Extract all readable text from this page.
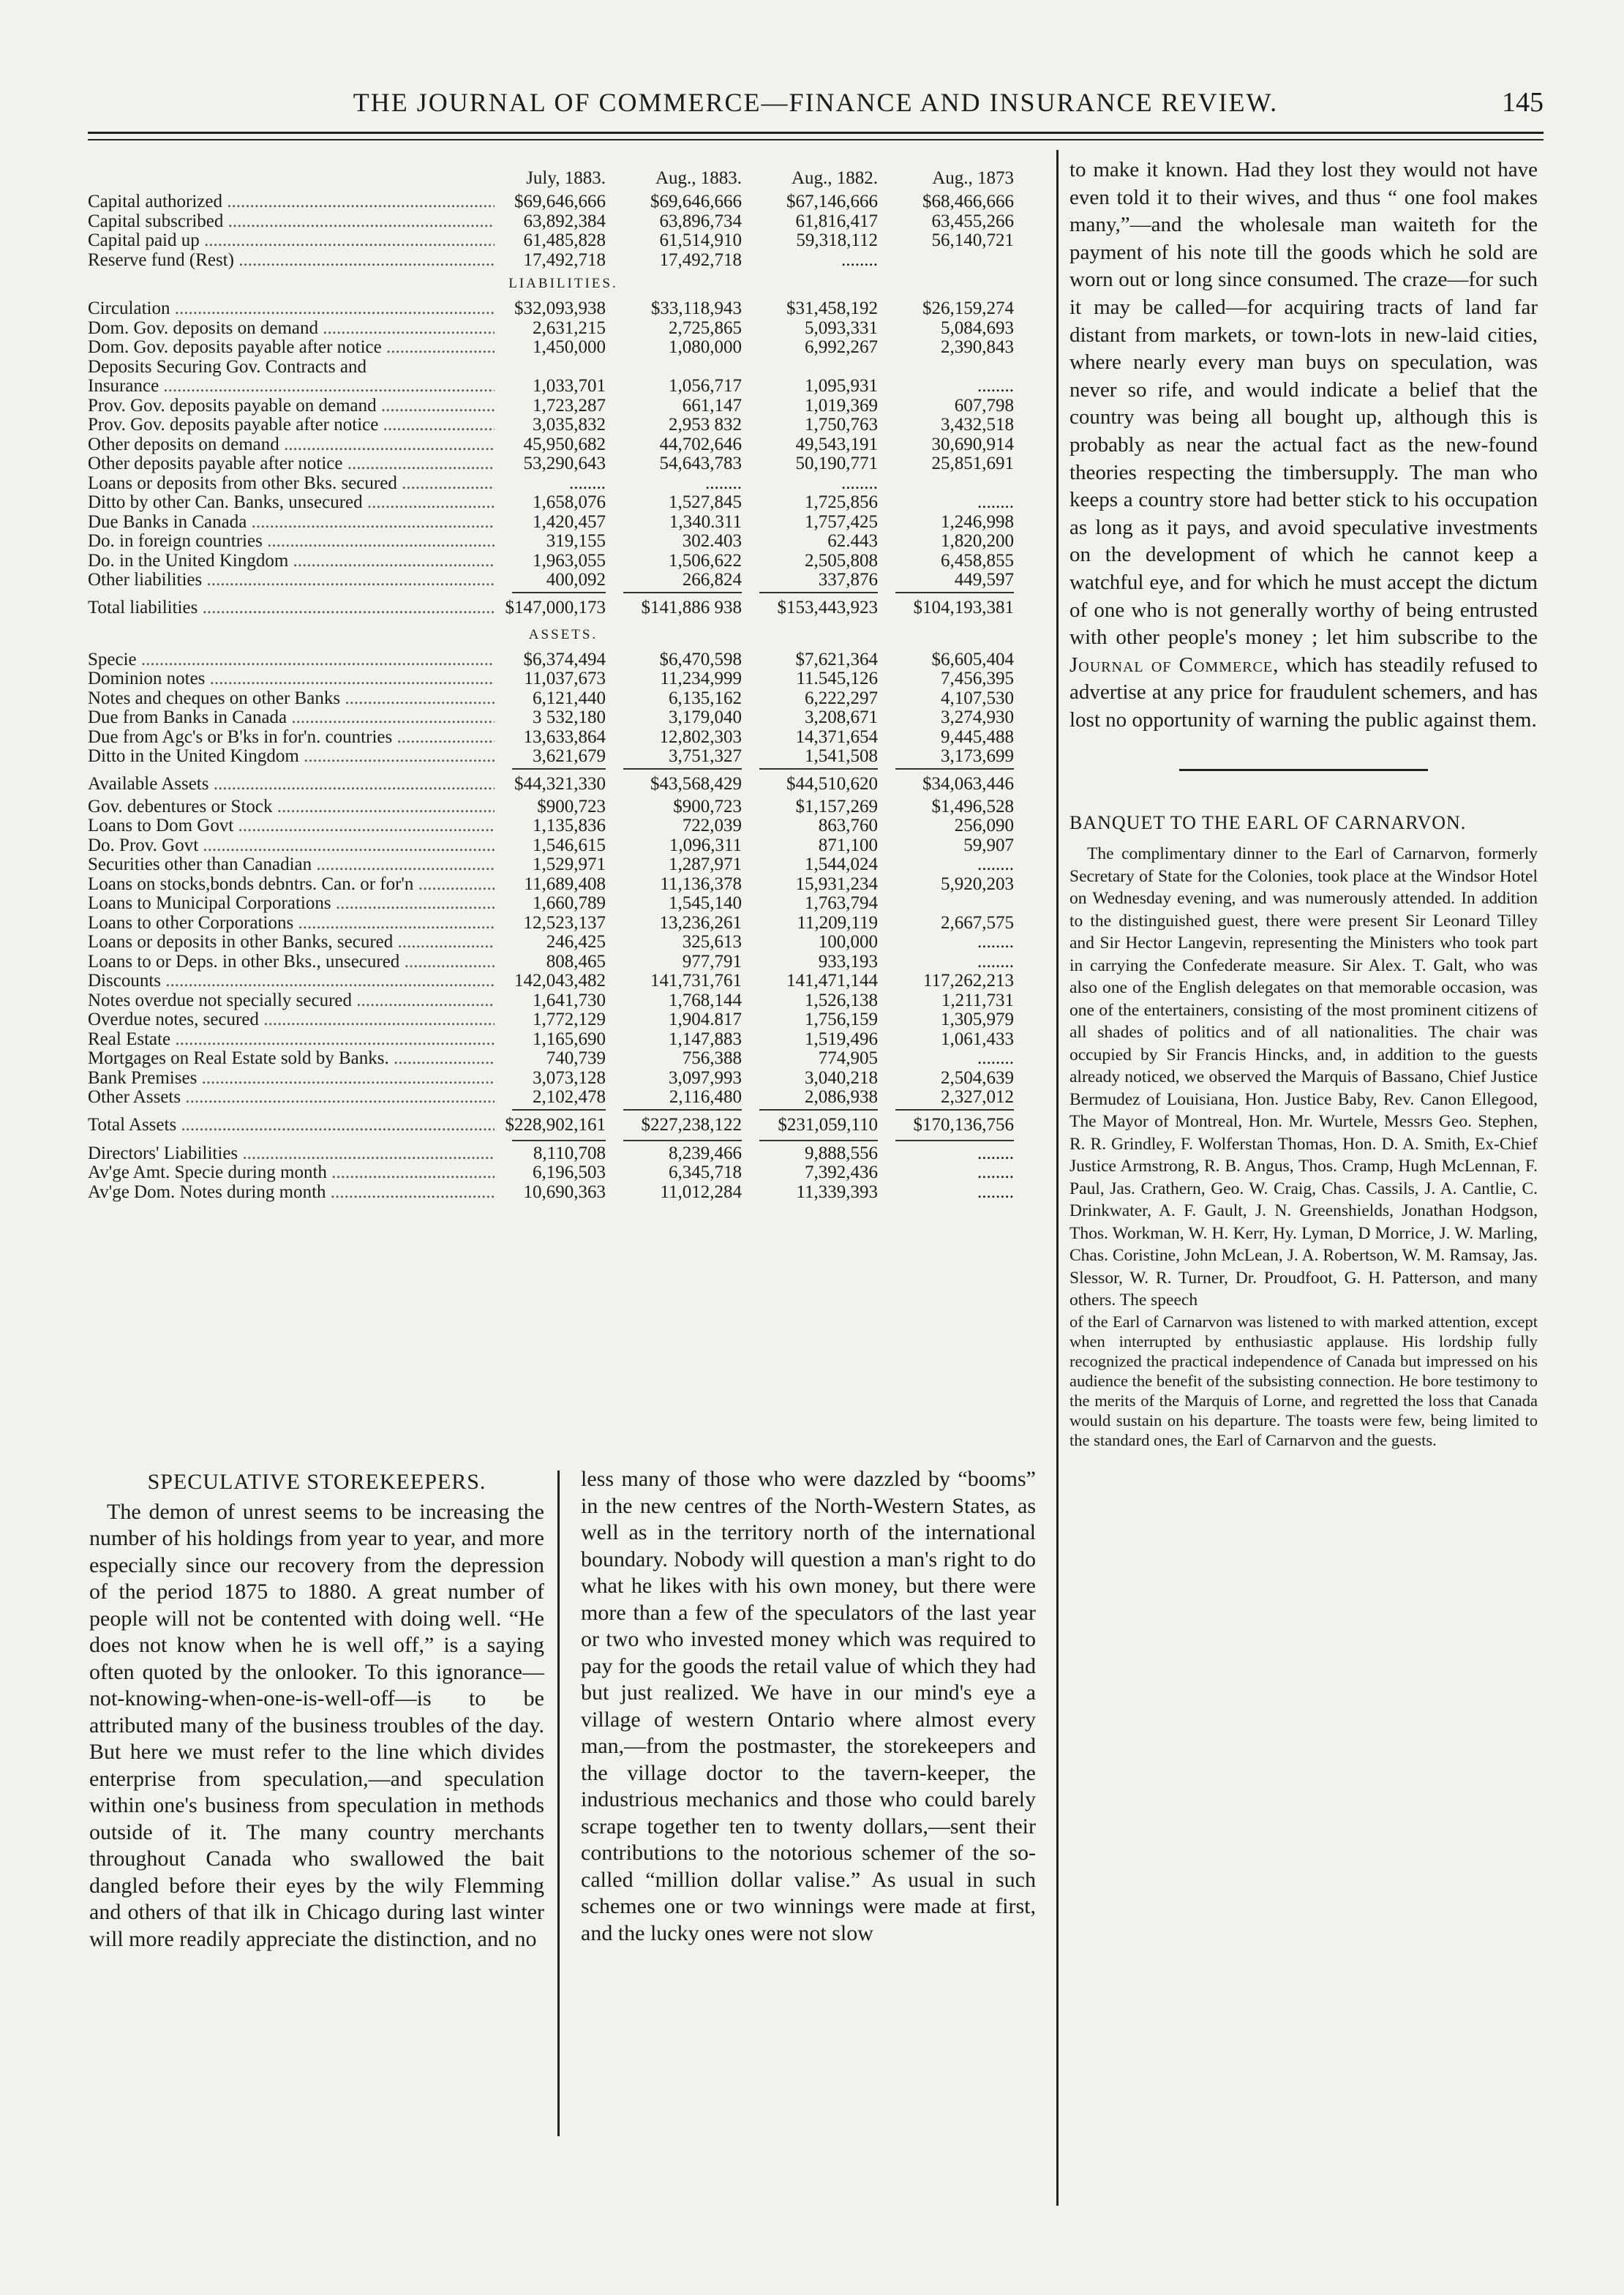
THE JOURNAL OF COMMERCE—FINANCE AND INSURANCE REVIEW.	145
July, 1883.	Aug., 1883.	Aug., 1882.	Aug., 1873
Capital authorized .....	$69,646,666	$69,646,666	$67,146,666	$68,466,666
Capital subscribed .....	63,892,384	63,896,734	61,816,417	63,455,266
Capital paid up .....	61,485,828	61,514,910	59,318,112	56,140,721
Reserve fund (Rest) .....	17,492,718	17,492,718	........
LIABILITIES.
Circulation .....	$32,093,938	$33,118,943	$31,458,192	$26,159,274
Dom. Gov. deposits on demand .....	2,631,215	2,725,865	5,093,331	5,084,693
Dom. Gov. deposits payable after notice .....	1,450,000	1,080,000	6,992,267	2,390,843
Deposits Securing Gov. Contracts and
Insurance .....	1,033,701	1,056,717	1,095,931	........
Prov. Gov. deposits payable on demand .....	1,723,287	661,147	1,019,369	607,798
Prov. Gov. deposits payable after notice .....	3,035,832	2,953 832	1,750,763	3,432,518
Other deposits on demand .....	45,950,682	44,702,646	49,543,191	30,690,914
Other deposits payable after notice .....	53,290,643	54,643,783	50,190,771	25,851,691
Loans or deposits from other Bks. secured .....	........	........	........
Ditto by other Can. Banks, unsecured .....	1,658,076	1,527,845	1,725,856	........
Due Banks in Canada .....	1,420,457	1,340.311	1,757,425	1,246,998
Do. in foreign countries .....	319,155	302.403	62.443	1,820,200
Do. in the United Kingdom .....	1,963,055	1,506,622	2,505,808	6,458,855
Other liabilities .....	400,092	266,824	337,876	449,597
Total liabilities .....	$147,000,173	$141,886 938	$153,443,923	$104,193,381
ASSETS.
Specie .....	$6,374,494	$6,470,598	$7,621,364	$6,605,404
Dominion notes .....	11,037,673	11,234,999	11.545,126	7,456,395
Notes and cheques on other Banks .....	6,121,440	6,135,162	6,222,297	4,107,530
Due from Banks in Canada .....	3 532,180	3,179,040	3,208,671	3,274,930
Due from Agc's or B'ks in for'n. countries .....	13,633,864	12,802,303	14,371,654	9,445,488
Ditto in the United Kingdom .....	3,621,679	3,751,327	1,541,508	3,173,699
Available Assets .....	$44,321,330	$43,568,429	$44,510,620	$34,063,446
Gov. debentures or Stock .....	$900,723	$900,723	$1,157,269	$1,496,528
Loans to Dom Govt .....	1,135,836	722,039	863,760	256,090
Do. Prov. Govt .....	1,546,615	1,096,311	871,100	59,907
Securities other than Canadian .....	1,529,971	1,287,971	1,544,024	........
Loans on stocks,bonds debntrs. Can. or for'n .....	11,689,408	11,136,378	15,931,234	5,920,203
Loans to Municipal Corporations .....	1,660,789	1,545,140	1,763,794
Loans to other Corporations .....	12,523,137	13,236,261	11,209,119	2,667,575
Loans or deposits in other Banks, secured .....	246,425	325,613	100,000	........
Loans to or Deps. in other Bks., unsecured .....	808,465	977,791	933,193	........
Discounts .....	142,043,482	141,731,761	141,471,144	117,262,213
Notes overdue not specially secured .....	1,641,730	1,768,144	1,526,138	1,211,731
Overdue notes, secured .....	1,772,129	1,904.817	1,756,159	1,305,979
Real Estate .....	1,165,690	1,147,883	1,519,496	1,061,433
Mortgages on Real Estate sold by Banks. .....	740,739	756,388	774,905	........
Bank Premises .....	3,073,128	3,097,993	3,040,218	2,504,639
Other Assets .....	2,102,478	2,116,480	2,086,938	2,327,012
Total Assets .....	$228,902,161	$227,238,122	$231,059,110	$170,136,756
Directors' Liabilities .....	8,110,708	8,239,466	9,888,556	........
Av'ge Amt. Specie during month .....	6,196,503	6,345,718	7,392,436	........
Av'ge Dom. Notes during month .....	10,690,363	11,012,284	11,339,393	........

to make it known. Had they lost they would not have even told it to their wives, and thus “ one fool makes many,”—and the wholesale man waiteth for the payment of his note till the goods which he sold are worn out or long since consumed. The craze—for such it may be called—for acquiring tracts of land far distant from markets, or town-lots in new-laid cities, where nearly every man buys on speculation, was never so rife, and would indicate a belief that the country was being all bought up, although this is probably as near the actual fact as the new-found theories respecting the timbersupply. The man who keeps a country store had better stick to his occupation as long as it pays, and avoid speculative investments on the development of which he cannot keep a watchful eye, and for which he must accept the dictum of one who is not generally worthy of being entrusted with other people's money ; let him subscribe to the Journal of Commerce, which has steadily refused to advertise at any price for fraudulent schemers, and has lost no opportunity of warning the public against them.

BANQUET TO THE EARL OF CARNARVON.

The complimentary dinner to the Earl of Carnarvon, formerly Secretary of State for the Colonies, took place at the Windsor Hotel on Wednesday evening, and was numerously attended. In addition to the distinguished guest, there were present Sir Leonard Tilley and Sir Hector Langevin, representing the Ministers who took part in carrying the Confederate measure. Sir Alex. T. Galt, who was also one of the English delegates on that memorable occasion, was one of the entertainers, consisting of the most prominent citizens of all shades of politics and of all nationalities. The chair was occupied by Sir Francis Hincks, and, in addition to the guests already noticed, we observed the Marquis of Bassano, Chief Justice Bermudez of Louisiana, Hon. Justice Baby, Rev. Canon Ellegood, The Mayor of Montreal, Hon. Mr. Wurtele, Messrs Geo. Stephen, R. R. Grindley, F. Wolferstan Thomas, Hon. D. A. Smith, Ex-Chief Justice Armstrong, R. B. Angus, Thos. Cramp, Hugh McLennan, F. Paul, Jas. Crathern, Geo. W. Craig, Chas. Cassils, J. A. Cantlie, C. Drinkwater, A. F. Gault, J. N. Greenshields, Jonathan Hodgson, Thos. Workman, W. H. Kerr, Hy. Lyman, D Morrice, J. W. Marling, Chas. Coristine, John McLean, J. A. Robertson, W. M. Ramsay, Jas. Slessor, W. R. Turner, Dr. Proudfoot, G. H. Patterson, and many others. The speech

of the Earl of Carnarvon was listened to with marked attention, except when interrupted by enthusiastic applause. His lordship fully recognized the practical independence of Canada but impressed on his audience the benefit of the subsisting connection. He bore testimony to the merits of the Marquis of Lorne, and regretted the loss that Canada would sustain on his departure. The toasts were few, being limited to the standard ones, the Earl of Carnarvon and the guests.

SPECULATIVE STOREKEEPERS.

The demon of unrest seems to be increasing the number of his holdings from year to year, and more especially since our recovery from the depression of the period 1875 to 1880. A great number of people will not be contented with doing well. “He does not know when he is well off,” is a saying often quoted by the onlooker. To this ignorance—not-knowing-when-one-is-well-off—is to be attributed many of the business troubles of the day. But here we must refer to the line which divides enterprise from speculation,—and speculation within one's business from speculation in methods outside of it. The many country merchants throughout Canada who swallowed the bait dangled before their eyes by the wily Flemming and others of that ilk in Chicago during last winter will more readily appreciate the distinction, and no

less many of those who were dazzled by “booms” in the new centres of the North-Western States, as well as in the territory north of the international boundary. Nobody will question a man's right to do what he likes with his own money, but there were more than a few of the speculators of the last year or two who invested money which was required to pay for the goods the retail value of which they had but just realized. We have in our mind's eye a village of western Ontario where almost every man,—from the postmaster, the storekeepers and the village doctor to the tavern-keeper, the industrious mechanics and those who could barely scrape together ten to twenty dollars,—sent their contributions to the notorious schemer of the so-called “million dollar valise.” As usual in such schemes one or two winnings were made at first, and the lucky ones were not slow
